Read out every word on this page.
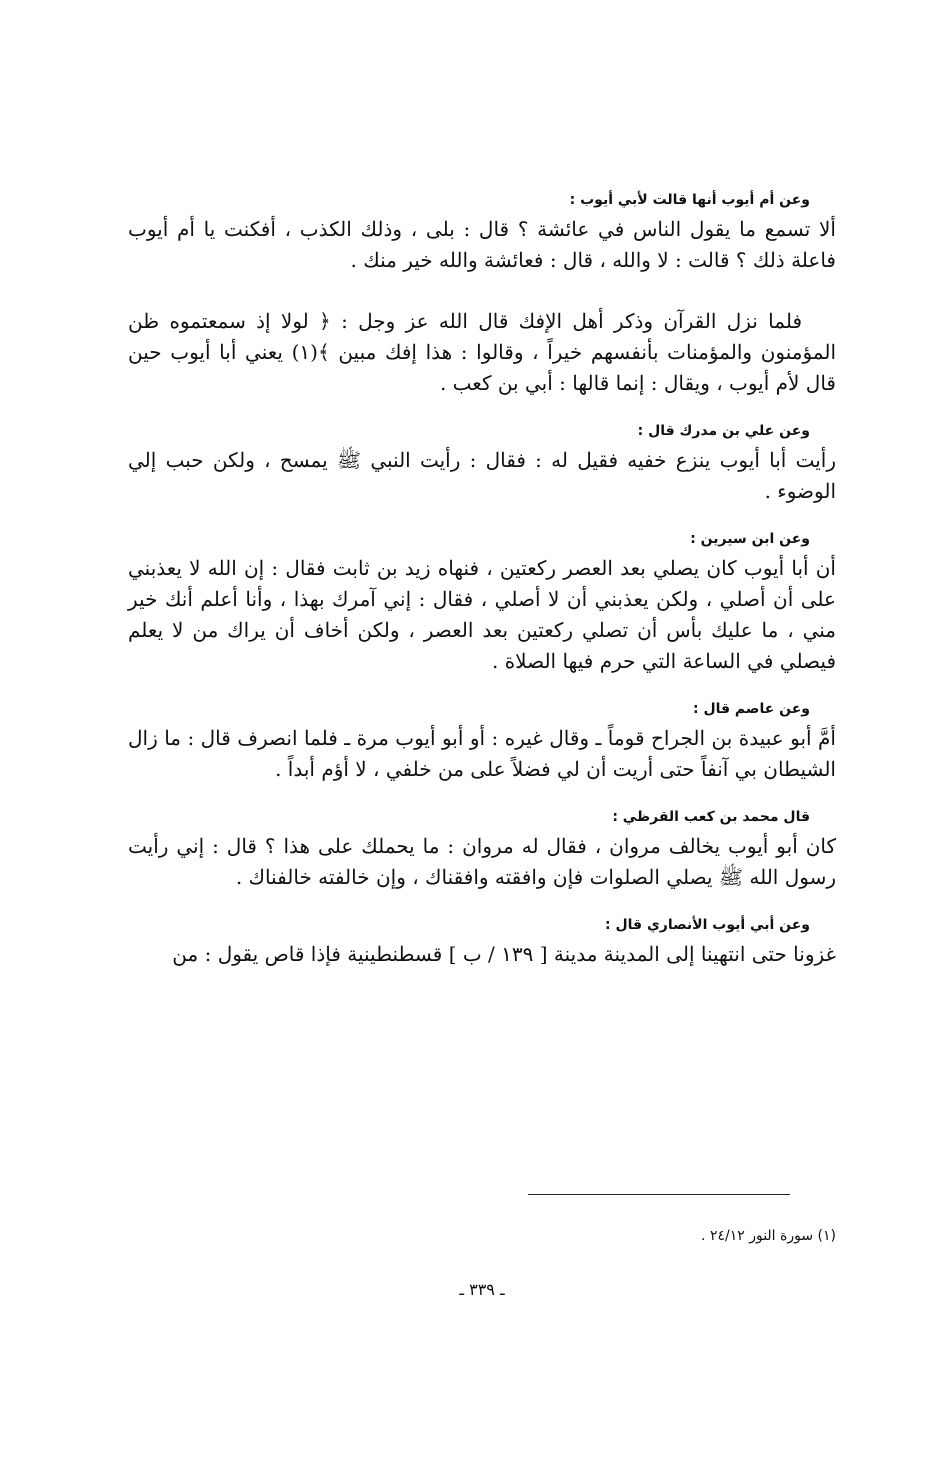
وعن أم أيوب أنها قالت لأبي أيوب :

ألا تسمع ما يقول الناس في عائشة ؟ قال : بلى ، وذلك الكذب ، أفكنت يا أم أيوب فاعلة ذلك ؟ قالت : لا والله ، قال : فعائشة والله خير منك .

فلما نزل القرآن وذكر أهل الإفك قال الله عز وجل : ﴿ لولا إذ سمعتموه ظن المؤمنون والمؤمنات بأنفسهم خيراً ، وقالوا : هذا إفك مبين ﴾(١) يعني أبا أيوب حين قال لأم أيوب ، ويقال : إنما قالها : أبي بن كعب .

وعن علي بن مدرك قال :

رأيت أبا أيوب ينزع خفيه فقيل له : فقال : رأيت النبي ﷺ يمسح ، ولكن حبب إلي الوضوء .

وعن ابن سيرين :

أن أبا أيوب كان يصلي بعد العصر ركعتين ، فنهاه زيد بن ثابت فقال : إن الله لا يعذبني على أن أصلي ، ولكن يعذبني أن لا أصلي ، فقال : إني آمرك بهذا ، وأنا أعلم أنك خير مني ، ما عليك بأس أن تصلي ركعتين بعد العصر ، ولكن أخاف أن يراك من لا يعلم فيصلي في الساعة التي حرم فيها الصلاة .

وعن عاصم قال :

أمَّ أبو عبيدة بن الجراح قوماً ـ وقال غيره : أو أبو أيوب مرة ـ فلما انصرف قال : ما زال الشيطان بي آنفاً حتى أريت أن لي فضلاً على من خلفي ، لا أؤم أبداً .

قال محمد بن كعب القرظي :

كان أبو أيوب يخالف مروان ، فقال له مروان : ما يحملك على هذا ؟ قال : إني رأيت رسول الله ﷺ يصلي الصلوات فإن وافقته وافقناك ، وإن خالفته خالفناك .

وعن أبي أيوب الأنصاري قال :

غزونا حتى انتهينا إلى المدينة مدينة [ ١٣٩ / ب ] قسطنطينية فإذا قاص يقول : من

(١) سورة النور ٢٤/١٢ .
ـ ٣٣٩ ـ
